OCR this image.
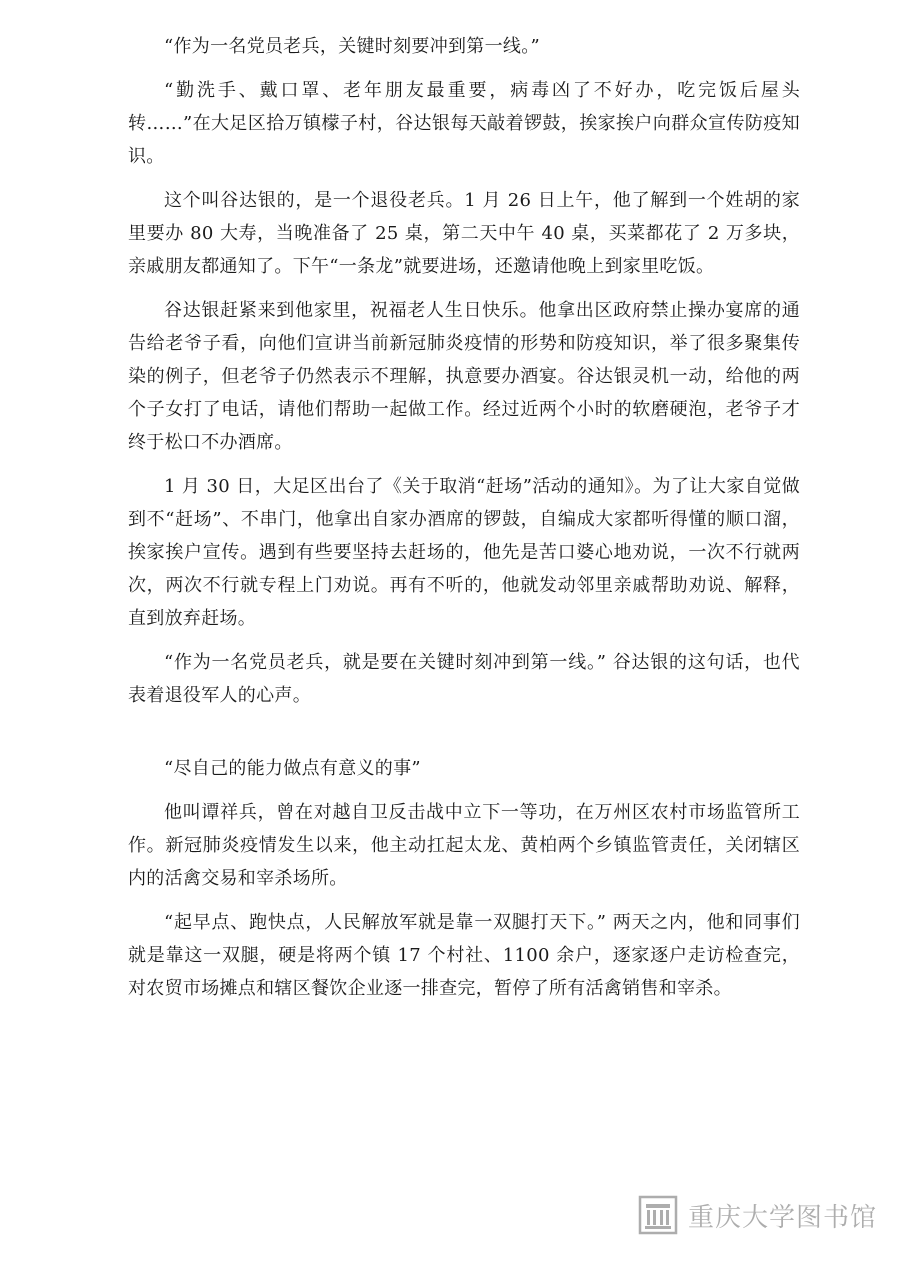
“作为一名党员老兵，关键时刻要冲到第一线。”

“勤洗手、戴口罩、老年朋友最重要，病毒凶了不好办，吃完饭后屋头转……”在大足区拾万镇檬子村，谷达银每天敲着锣鼓，挨家挨户向群众宣传防疫知识。

这个叫谷达银的，是一个退役老兵。1 月 26 日上午，他了解到一个姓胡的家里要办 80 大寿，当晚准备了 25 桌，第二天中午 40 桌，买菜都花了 2 万多块，亲戚朋友都通知了。下午“一条龙”就要进场，还邀请他晚上到家里吃饭。

谷达银赶紧来到他家里，祝福老人生日快乐。他拿出区政府禁止操办宴席的通告给老爷子看，向他们宣讲当前新冠肺炎疫情的形势和防疫知识，举了很多聚集传染的例子，但老爷子仍然表示不理解，执意要办酒宴。谷达银灵机一动，给他的两个子女打了电话，请他们帮助一起做工作。经过近两个小时的软磨硬泡，老爷子才终于松口不办酒席。

1 月 30 日，大足区出台了《关于取消“赶场”活动的通知》。为了让大家自觉做到不“赶场”、不串门，他拿出自家办酒席的锣鼓，自编成大家都听得懂的顺口溜，挨家挨户宣传。遇到有些要坚持去赶场的，他先是苦口婆心地劝说，一次不行就两次，两次不行就专程上门劝说。再有不听的，他就发动邻里亲戚帮助劝说、解释，直到放弃赶场。

“作为一名党员老兵，就是要在关键时刻冲到第一线。” 谷达银的这句话，也代表着退役军人的心声。

“尽自己的能力做点有意义的事”

他叫谭祥兵，曾在对越自卫反击战中立下一等功，在万州区农村市场监管所工作。新冠肺炎疫情发生以来，他主动扛起太龙、黄柏两个乡镇监管责任，关闭辖区内的活禽交易和宰杀场所。

“起早点、跑快点，人民解放军就是靠一双腿打天下。” 两天之内，他和同事们就是靠这一双腿，硬是将两个镇 17 个村社、1100 余户，逐家逐户走访检查完，对农贸市场摊点和辖区餐饮企业逐一排查完，暂停了所有活禽销售和宰杀。

重庆大学图书馆
